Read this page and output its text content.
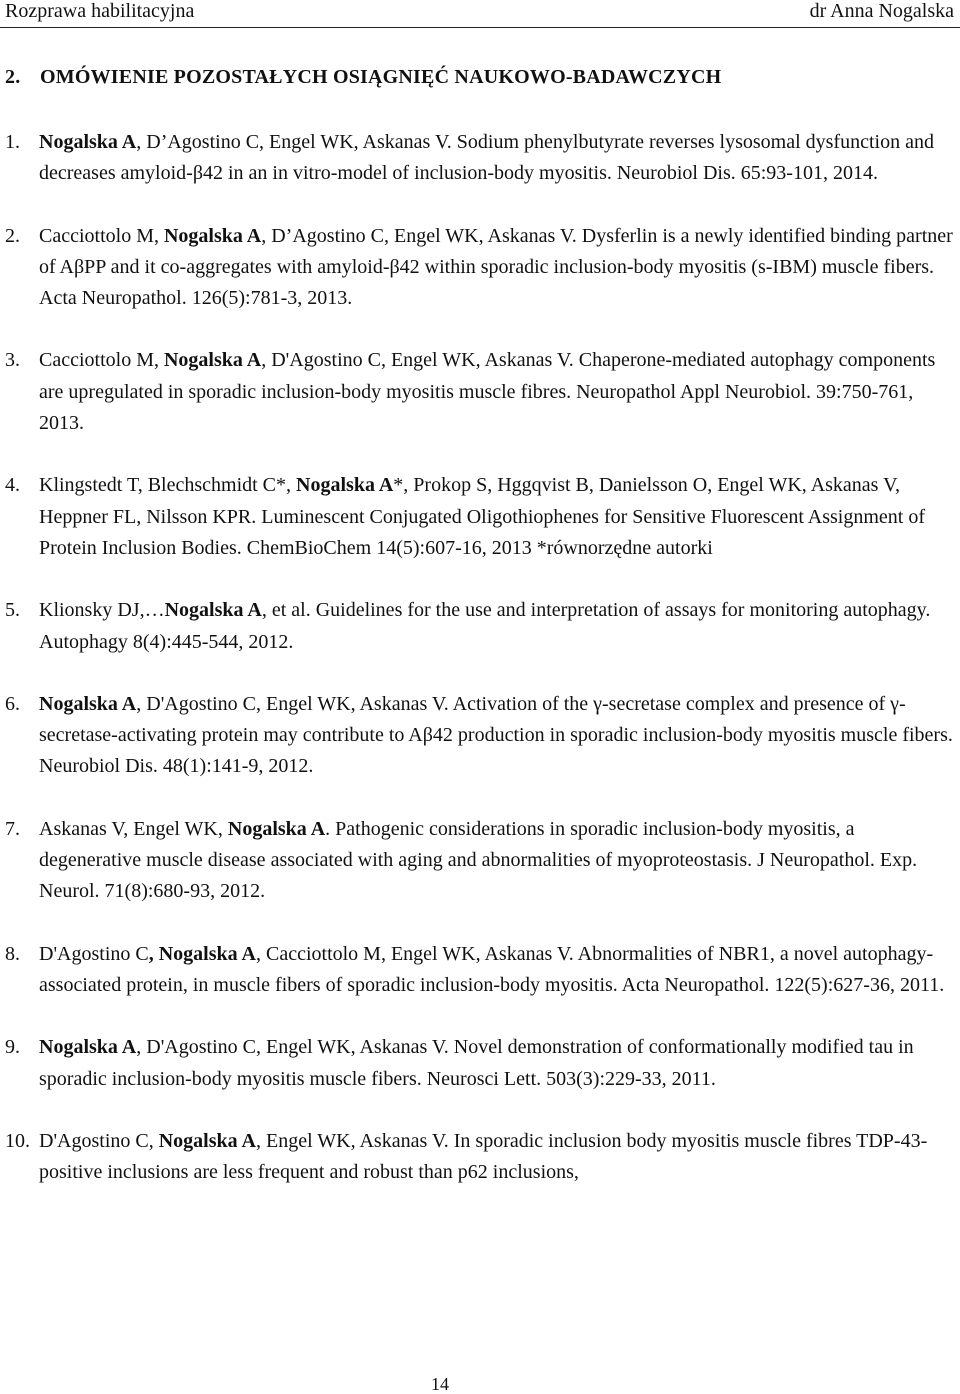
Rozprawa habilitacyjna	dr Anna Nogalska
2. OMÓWIENIE POZOSTAŁYCH OSIĄGNIĘĆ NAUKOWO-BADAWCZYCH
1. Nogalska A, D’Agostino C, Engel WK, Askanas V. Sodium phenylbutyrate reverses lysosomal dysfunction and decreases amyloid-β42 in an in vitro-model of inclusion-body myositis. Neurobiol Dis. 65:93-101, 2014.
2. Cacciottolo M, Nogalska A, D’Agostino C, Engel WK, Askanas V. Dysferlin is a newly identified binding partner of AβPP and it co-aggregates with amyloid-β42 within sporadic inclusion-body myositis (s-IBM) muscle fibers. Acta Neuropathol. 126(5):781-3, 2013.
3. Cacciottolo M, Nogalska A, D'Agostino C, Engel WK, Askanas V. Chaperone-mediated autophagy components are upregulated in sporadic inclusion-body myositis muscle fibres. Neuropathol Appl Neurobiol. 39:750-761, 2013.
4. Klingstedt T, Blechschmidt C*, Nogalska A*, Prokop S, Hggqvist B, Danielsson O, Engel WK, Askanas V, Heppner FL, Nilsson KPR. Luminescent Conjugated Oligothiophenes for Sensitive Fluorescent Assignment of Protein Inclusion Bodies. ChemBioChem 14(5):607-16, 2013 *równorzędne autorki
5. Klionsky DJ,…Nogalska A, et al. Guidelines for the use and interpretation of assays for monitoring autophagy. Autophagy 8(4):445-544, 2012.
6. Nogalska A, D'Agostino C, Engel WK, Askanas V. Activation of the γ-secretase complex and presence of γ-secretase-activating protein may contribute to Aβ42 production in sporadic inclusion-body myositis muscle fibers. Neurobiol Dis. 48(1):141-9, 2012.
7. Askanas V, Engel WK, Nogalska A. Pathogenic considerations in sporadic inclusion-body myositis, a degenerative muscle disease associated with aging and abnormalities of myoproteostasis. J Neuropathol. Exp. Neurol. 71(8):680-93, 2012.
8. D'Agostino C, Nogalska A, Cacciottolo M, Engel WK, Askanas V. Abnormalities of NBR1, a novel autophagy-associated protein, in muscle fibers of sporadic inclusion-body myositis. Acta Neuropathol. 122(5):627-36, 2011.
9. Nogalska A, D'Agostino C, Engel WK, Askanas V. Novel demonstration of conformationally modified tau in sporadic inclusion-body myositis muscle fibers. Neurosci Lett. 503(3):229-33, 2011.
10. D'Agostino C, Nogalska A, Engel WK, Askanas V. In sporadic inclusion body myositis muscle fibres TDP-43-positive inclusions are less frequent and robust than p62 inclusions,
14
